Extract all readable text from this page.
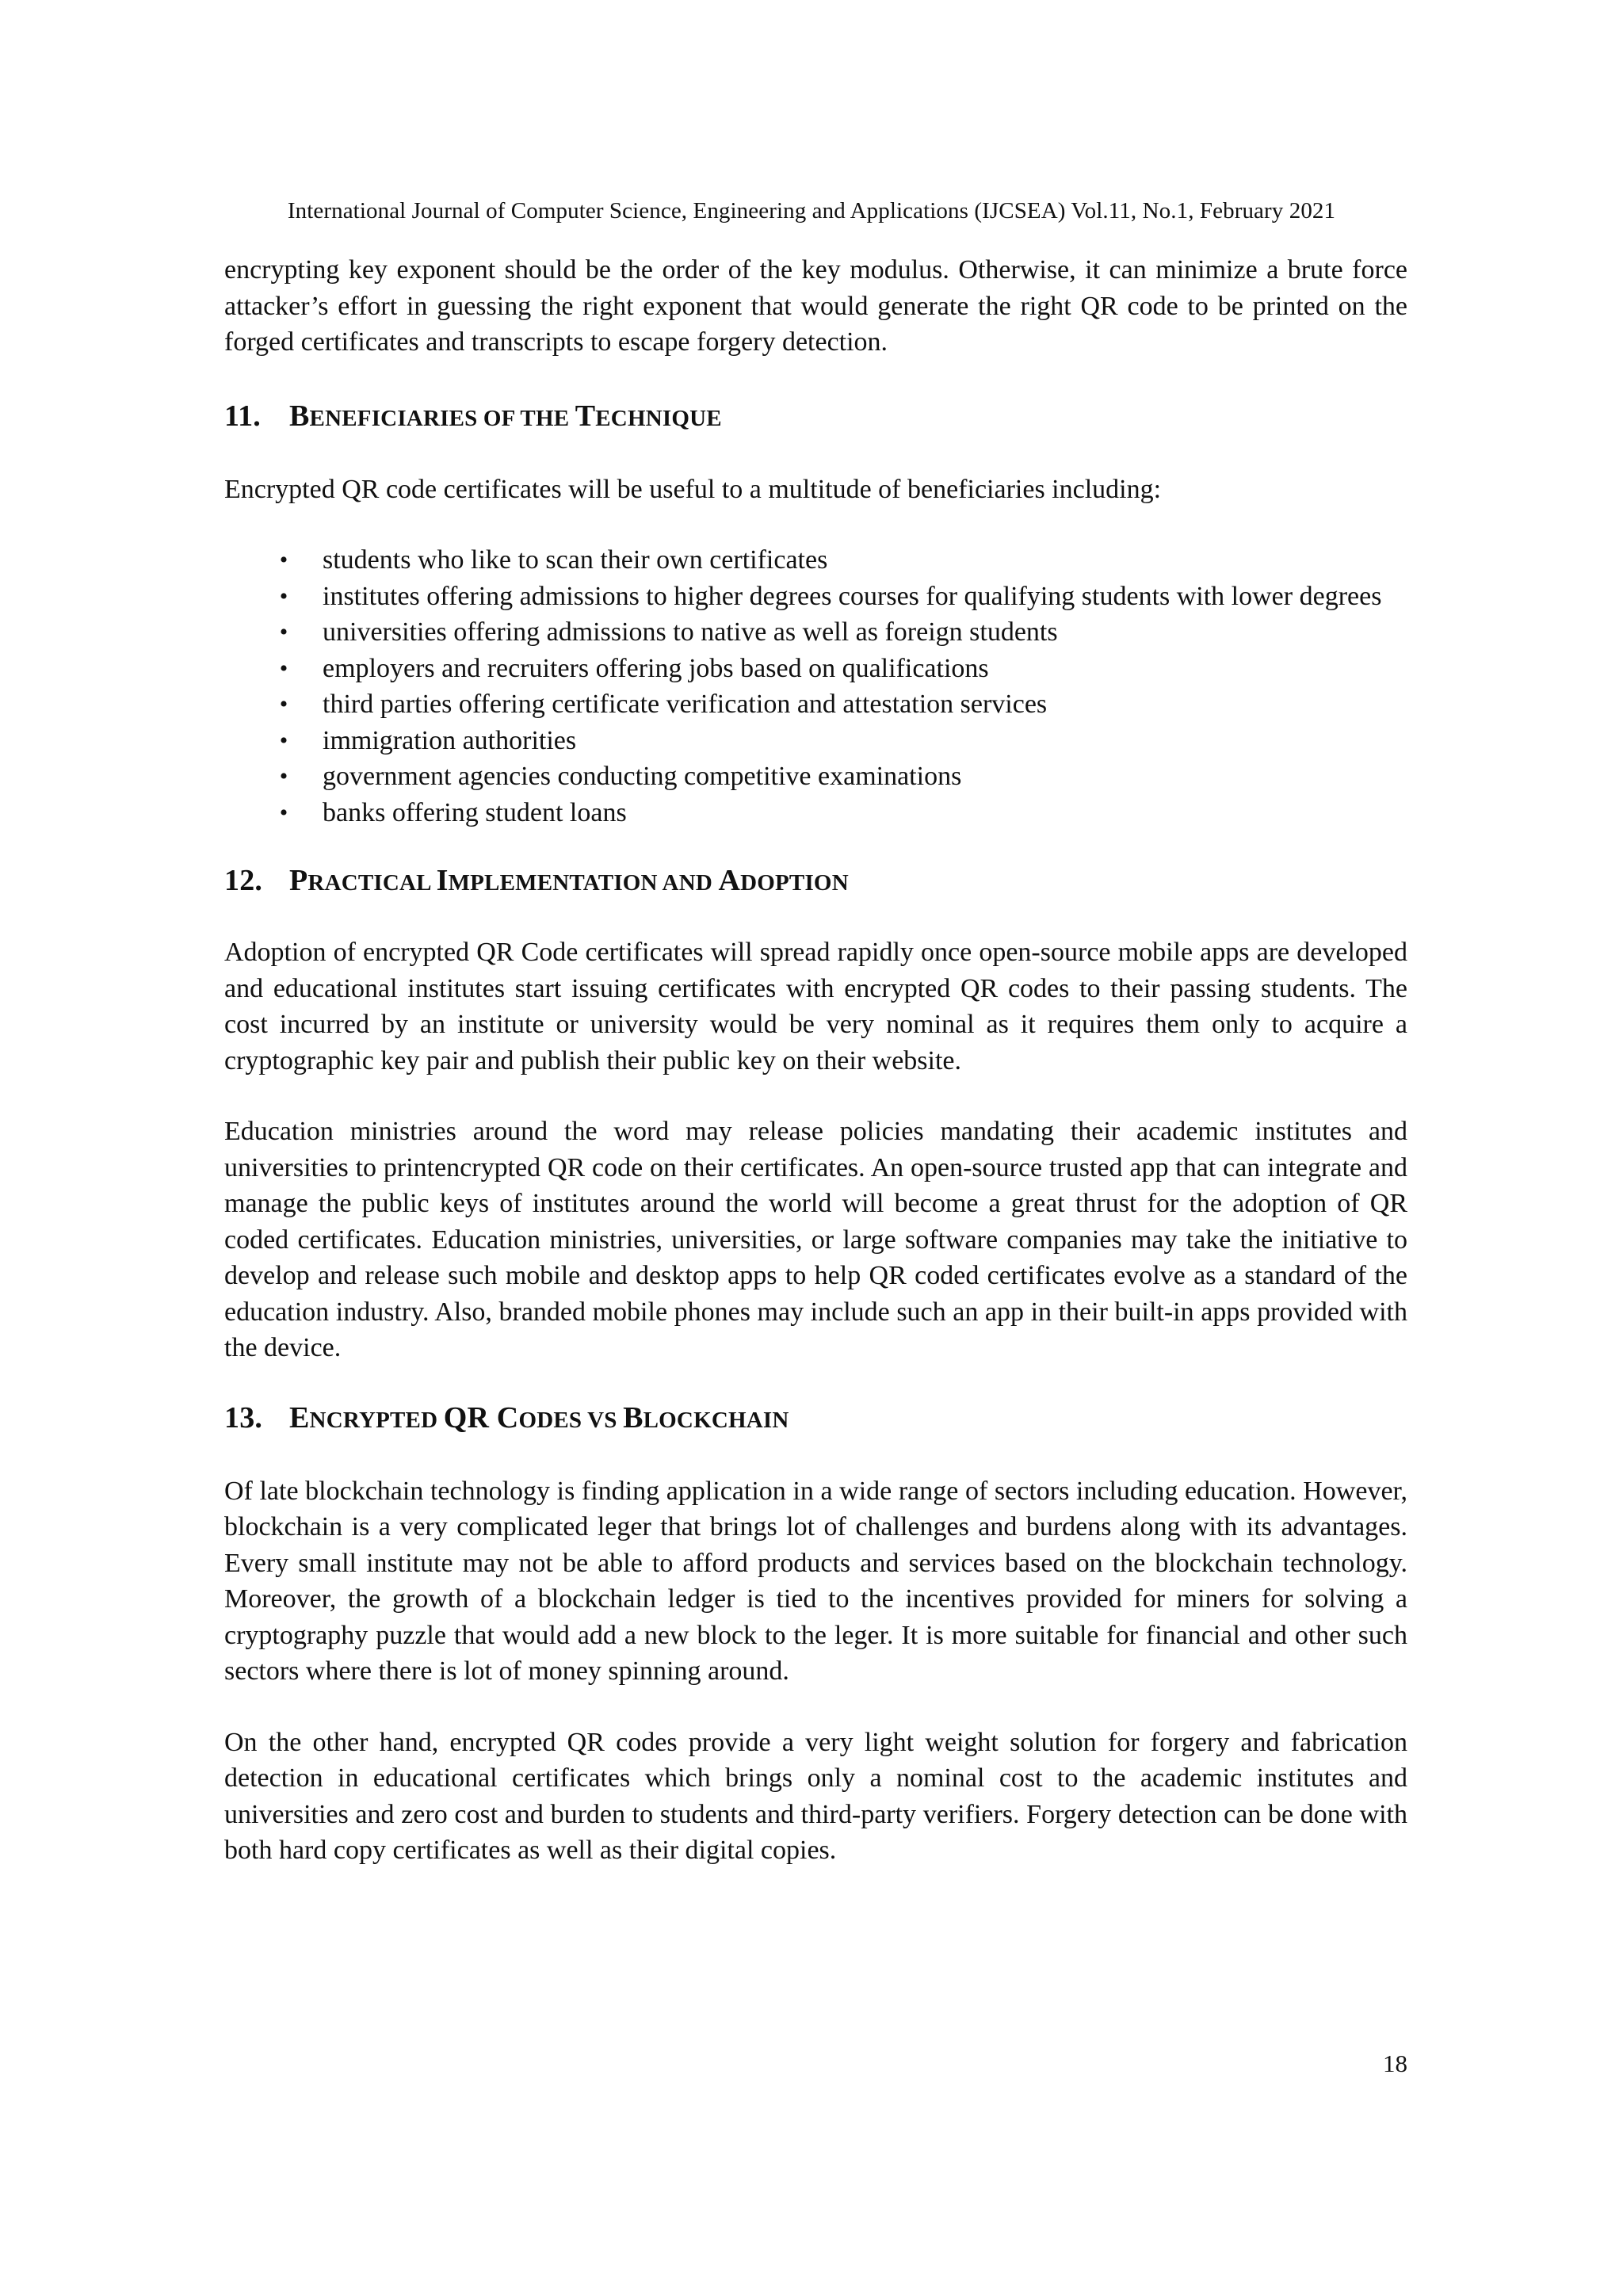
International Journal of Computer Science, Engineering and Applications (IJCSEA) Vol.11, No.1, February 2021

encrypting key exponent should be the order of the key modulus. Otherwise, it can minimize a brute force attacker’s effort in guessing the right exponent that would generate the right QR code to be printed on the forged certificates and transcripts to escape forgery detection.

11. BENEFICIARIES OF THE TECHNIQUE

Encrypted QR code certificates will be useful to a multitude of beneficiaries including:

• students who like to scan their own certificates
• institutes offering admissions to higher degrees courses for qualifying students with lower degrees
• universities offering admissions to native as well as foreign students
• employers and recruiters offering jobs based on qualifications
• third parties offering certificate verification and attestation services
• immigration authorities
• government agencies conducting competitive examinations
• banks offering student loans
12. PRACTICAL IMPLEMENTATION AND ADOPTION

Adoption of encrypted QR Code certificates will spread rapidly once open-source mobile apps are developed and educational institutes start issuing certificates with encrypted QR codes to their passing students. The cost incurred by an institute or university would be very nominal as it requires them only to acquire a cryptographic key pair and publish their public key on their website.

Education ministries around the word may release policies mandating their academic institutes and universities to printencrypted QR code on their certificates. An open-source trusted app that can integrate and manage the public keys of institutes around the world will become a great thrust for the adoption of QR coded certificates. Education ministries, universities, or large software companies may take the initiative to develop and release such mobile and desktop apps to help QR coded certificates evolve as a standard of the education industry. Also, branded mobile phones may include such an app in their built-in apps provided with the device.

13. ENCRYPTED QR CODES VS BLOCKCHAIN

Of late blockchain technology is finding application in a wide range of sectors including education. However, blockchain is a very complicated leger that brings lot of challenges and burdens along with its advantages. Every small institute may not be able to afford products and services based on the blockchain technology. Moreover, the growth of a blockchain ledger is tied to the incentives provided for miners for solving a cryptography puzzle that would add a new block to the leger. It is more suitable for financial and other such sectors where there is lot of money spinning around.

On the other hand, encrypted QR codes provide a very light weight solution for forgery and fabrication detection in educational certificates which brings only a nominal cost to the academic institutes and universities and zero cost and burden to students and third-party verifiers. Forgery detection can be done with both hard copy certificates as well as their digital copies.

18
